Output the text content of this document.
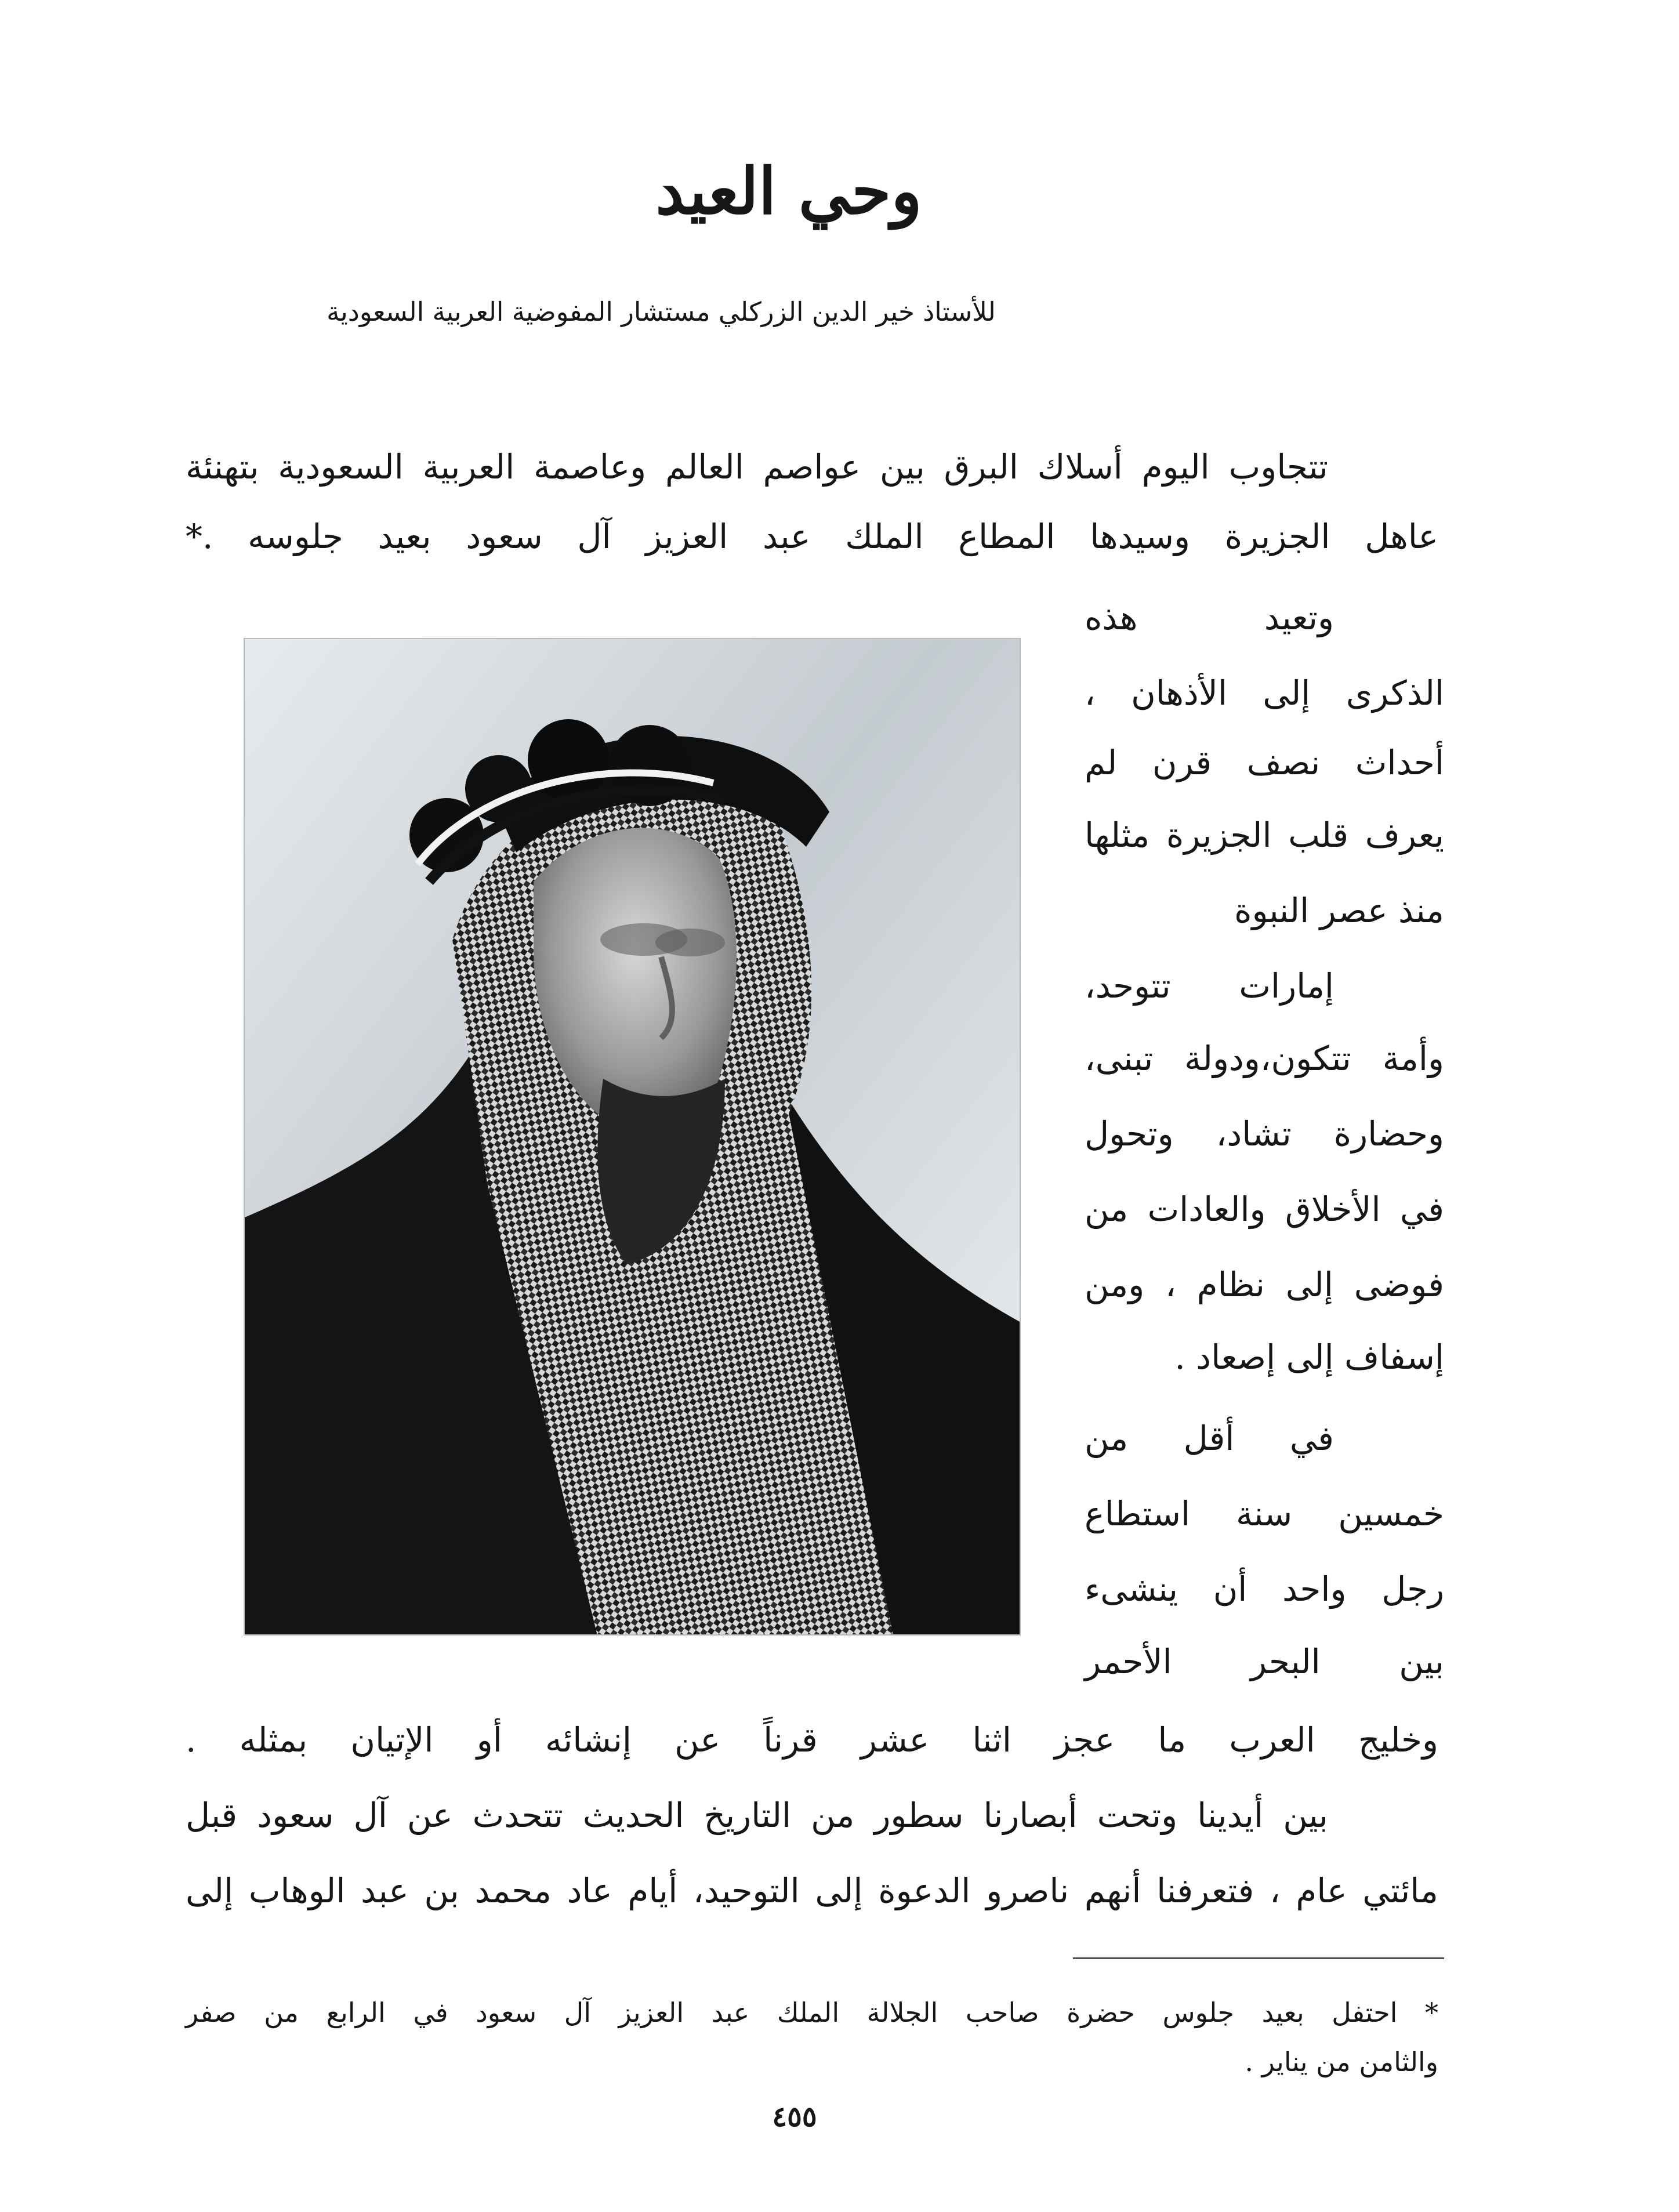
وحي العيد
للأستاذ خير الدين الزركلي مستشار المفوضية العربية السعودية
تتجاوب اليوم أسلاك البرق بين عواصم العالم وعاصمة العربية السعودية بتهنئة
عاهل الجزيرة وسيدها المطاع الملك عبد العزيز آل سعود بعيد جلوسه .*
وتعيد هذه
الذكرى إلى الأذهان ،
أحداث نصف قرن لم
يعرف قلب الجزيرة مثلها
منذ عصر النبوة
إمارات تتوحد،
وأمة تتكون،ودولة تبنى،
وحضارة تشاد، وتحول
في الأخلاق والعادات من
فوضى إلى نظام ، ومن
إسفاف إلى إصعاد .
في أقل من
خمسين سنة استطاع
رجل واحد أن ينشىء
بين البحر الأحمر
وخليج العرب ما عجز اثنا عشر قرناً عن إنشائه أو الإتيان بمثله .
بين أيدينا وتحت أبصارنا سطور من التاريخ الحديث تتحدث عن آل سعود قبل
مائتي عام ، فتعرفنا أنهم ناصرو الدعوة إلى التوحيد، أيام عاد محمد بن عبد الوهاب إلى
* احتفل بعيد جلوس حضرة صاحب الجلالة الملك عبد العزيز آل سعود في الرابع من صفر
والثامن من يناير .
٤٥٥
